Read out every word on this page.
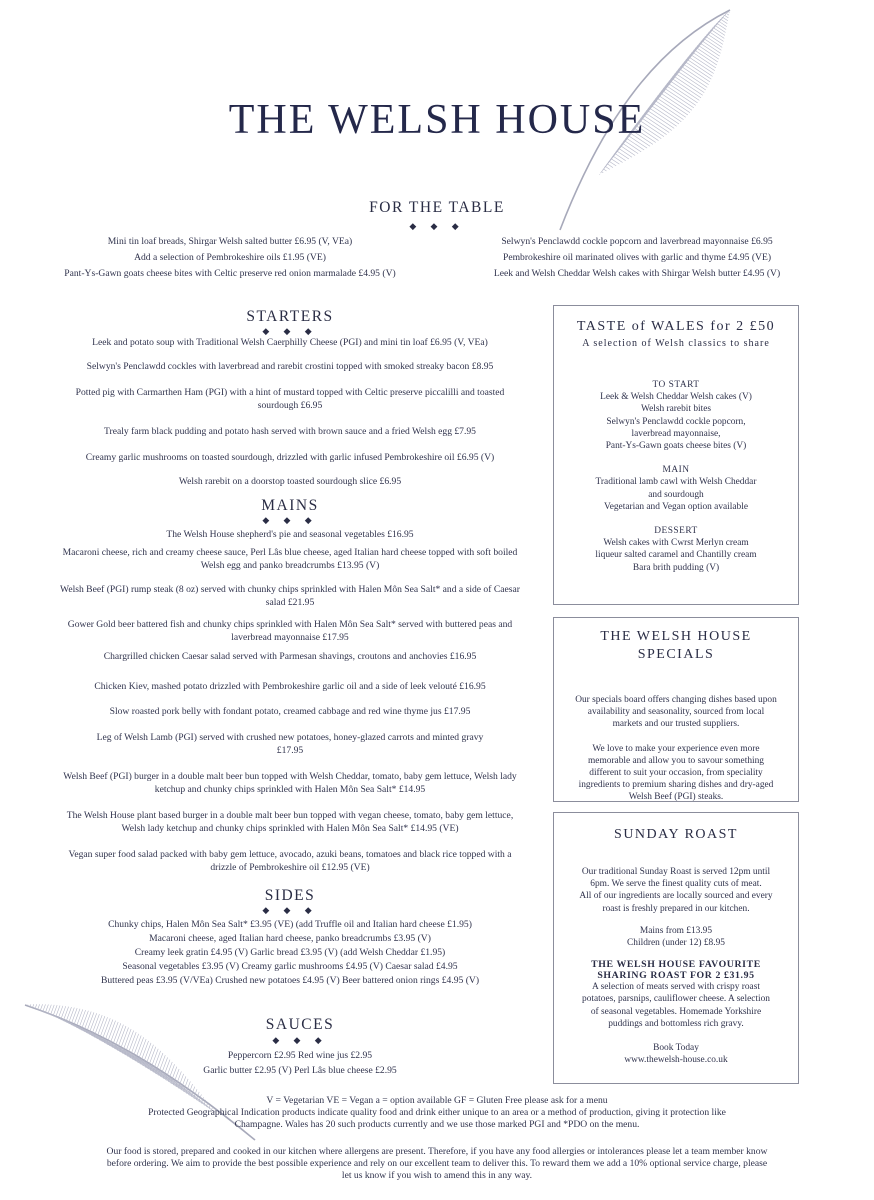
THE WELSH HOUSE
FOR THE TABLE
◆ ◆ ◆
Mini tin loaf breads, Shirgar Welsh salted butter £6.95 (V, VEa)
Add a selection of Pembrokeshire oils £1.95 (VE)
Pant-Ys-Gawn goats cheese bites with Celtic preserve red onion marmalade £4.95 (V)
Selwyn's Penclawdd cockle popcorn and laverbread mayonnaise £6.95
Pembrokeshire oil marinated olives with garlic and thyme £4.95 (VE)
Leek and Welsh Cheddar Welsh cakes with Shirgar Welsh butter £4.95 (V)
STARTERS
◆ ◆ ◆
Leek and potato soup with Traditional Welsh Caerphilly Cheese (PGI) and mini tin loaf £6.95 (V, VEa)
Selwyn's Penclawdd cockles with laverbread and rarebit crostini topped with smoked streaky bacon £8.95
Potted pig with Carmarthen Ham (PGI) with a hint of mustard topped with Celtic preserve piccalilli and toasted sourdough £6.95
Trealy farm black pudding and potato hash served with brown sauce and a fried Welsh egg £7.95
Creamy garlic mushrooms on toasted sourdough, drizzled with garlic infused Pembrokeshire oil £6.95 (V)
Welsh rarebit on a doorstop toasted sourdough slice £6.95
MAINS
◆ ◆ ◆
The Welsh House shepherd's pie and seasonal vegetables £16.95
Macaroni cheese, rich and creamy cheese sauce, Perl Lâs blue cheese, aged Italian hard cheese topped with soft boiled Welsh egg and panko breadcrumbs £13.95 (V)
Welsh Beef (PGI) rump steak (8 oz) served with chunky chips sprinkled with Halen Môn Sea Salt* and a side of Caesar salad £21.95
Gower Gold beer battered fish and chunky chips sprinkled with Halen Môn Sea Salt* served with buttered peas and laverbread mayonnaise £17.95
Chargrilled chicken Caesar salad served with Parmesan shavings, croutons and anchovies £16.95
Chicken Kiev, mashed potato drizzled with Pembrokeshire garlic oil and a side of leek velouté £16.95
Slow roasted pork belly with fondant potato, creamed cabbage and red wine thyme jus £17.95
Leg of Welsh Lamb (PGI) served with crushed new potatoes, honey-glazed carrots and minted gravy £17.95
Welsh Beef (PGI) burger in a double malt beer bun topped with Welsh Cheddar, tomato, baby gem lettuce, Welsh lady ketchup and chunky chips sprinkled with Halen Môn Sea Salt* £14.95
The Welsh House plant based burger in a double malt beer bun topped with vegan cheese, tomato, baby gem lettuce, Welsh lady ketchup and chunky chips sprinkled with Halen Môn Sea Salt* £14.95 (VE)
Vegan super food salad packed with baby gem lettuce, avocado, azuki beans, tomatoes and black rice topped with a drizzle of Pembrokeshire oil £12.95 (VE)
SIDES
◆ ◆ ◆
Chunky chips, Halen Môn Sea Salt* £3.95 (VE) (add Truffle oil and Italian hard cheese £1.95)
Macaroni cheese, aged Italian hard cheese, panko breadcrumbs £3.95 (V)
Creamy leek gratin £4.95 (V) Garlic bread £3.95 (V) (add Welsh Cheddar £1.95)
Seasonal vegetables £3.95 (V) Creamy garlic mushrooms £4.95 (V) Caesar salad £4.95
Buttered peas £3.95 (V/VEa) Crushed new potatoes £4.95 (V) Beer battered onion rings £4.95 (V)
SAUCES
◆ ◆ ◆
Peppercorn £2.95 Red wine jus £2.95
Garlic butter £2.95 (V) Perl Lâs blue cheese £2.95
TASTE of WALES for 2 £50
A selection of Welsh classics to share
TO START
Leek & Welsh Cheddar Welsh cakes (V)
Welsh rarebit bites
Selwyn's Penclawdd cockle popcorn,
laverbread mayonnaise,
Pant-Ys-Gawn goats cheese bites (V)
MAIN
Traditional lamb cawl with Welsh Cheddar
and sourdough
Vegetarian and Vegan option available
DESSERT
Welsh cakes with Cwrst Merlyn cream
liqueur salted caramel and Chantilly cream
Bara brith pudding (V)
THE WELSH HOUSE
SPECIALS
Our specials board offers changing dishes based upon
availability and seasonality, sourced from local
markets and our trusted suppliers.
We love to make your experience even more
memorable and allow you to savour something
different to suit your occasion, from speciality
ingredients to premium sharing dishes and dry-aged
Welsh Beef (PGI) steaks.
SUNDAY ROAST
Our traditional Sunday Roast is served 12pm until
6pm. We serve the finest quality cuts of meat.
All of our ingredients are locally sourced and every
roast is freshly prepared in our kitchen.
Mains from £13.95
Children (under 12) £8.95
THE WELSH HOUSE FAVOURITE
SHARING ROAST FOR 2 £31.95
A selection of meats served with crispy roast
potatoes, parsnips, cauliflower cheese. A selection
of seasonal vegetables. Homemade Yorkshire
puddings and bottomless rich gravy.
Book Today
www.thewelsh-house.co.uk
V = Vegetarian VE = Vegan a = option available GF = Gluten Free please ask for a menu
Protected Geographical Indication products indicate quality food and drink either unique to an area or a method of production, giving it protection like
Champagne. Wales has 20 such products currently and we use those marked PGI and *PDO on the menu.
Our food is stored, prepared and cooked in our kitchen where allergens are present. Therefore, if you have any food allergies or intolerances please let a team member know
before ordering. We aim to provide the best possible experience and rely on our excellent team to deliver this. To reward them we add a 10% optional service charge, please
let us know if you wish to amend this in any way.
